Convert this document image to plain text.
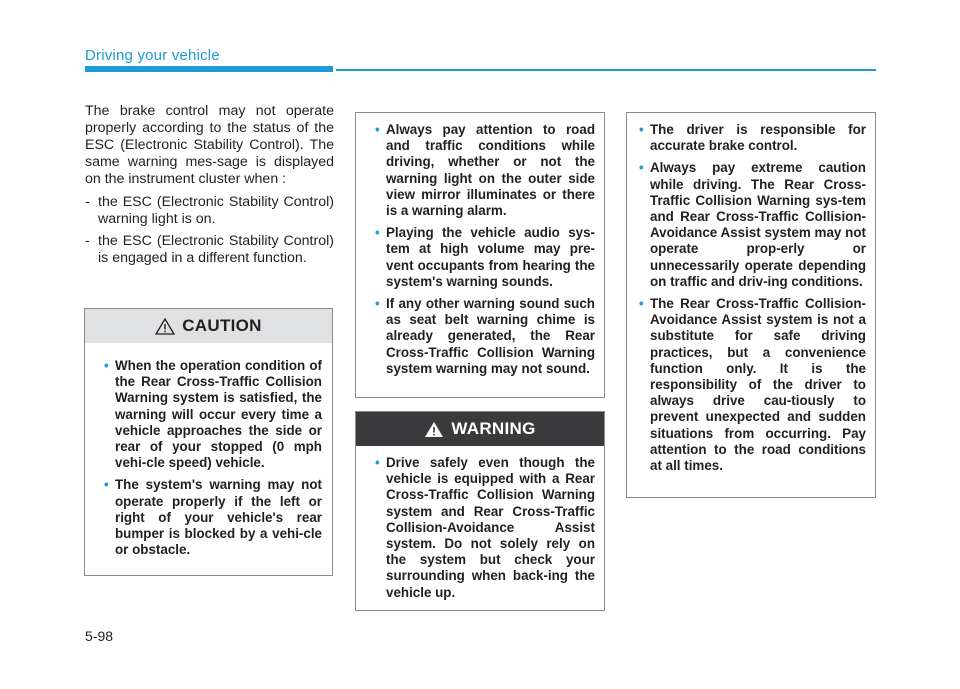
Driving your vehicle

The brake control may not operate properly according to the status of the ESC (Electronic Stability Control). The same warning mes-sage is displayed on the instrument cluster when :

- the ESC (Electronic Stability Control) warning light is on.
- the ESC (Electronic Stability Control) is engaged in a different function.
CAUTION
• When the operation condition of the Rear Cross-Traffic Collision Warning system is satisfied, the warning will occur every time a vehicle approaches the side or rear of your stopped (0 mph vehi-cle speed) vehicle.
• The system's warning may not operate properly if the left or right of your vehicle's rear bumper is blocked by a vehi-cle or obstacle.
• Always pay attention to road and traffic conditions while driving, whether or not the warning light on the outer side view mirror illuminates or there is a warning alarm.
• Playing the vehicle audio sys-tem at high volume may pre-vent occupants from hearing the system's warning sounds.
• If any other warning sound such as seat belt warning chime is already generated, the Rear Cross-Traffic Collision Warning system warning may not sound.
WARNING
• Drive safely even though the vehicle is equipped with a Rear Cross-Traffic Collision Warning system and Rear Cross-Traffic Collision-Avoidance Assist system. Do not solely rely on the system but check your surrounding when back-ing the vehicle up.
• The driver is responsible for accurate brake control.
• Always pay extreme caution while driving. The Rear Cross-Traffic Collision Warning sys-tem and Rear Cross-Traffic Collision-Avoidance Assist system may not operate prop-erly or unnecessarily operate depending on traffic and driv-ing conditions.
• The Rear Cross-Traffic Collision-Avoidance Assist system is not a substitute for safe driving practices, but a convenience function only. It is the responsibility of the driver to always drive cau-tiously to prevent unexpected and sudden situations from occurring. Pay attention to the road conditions at all times.
5-98
